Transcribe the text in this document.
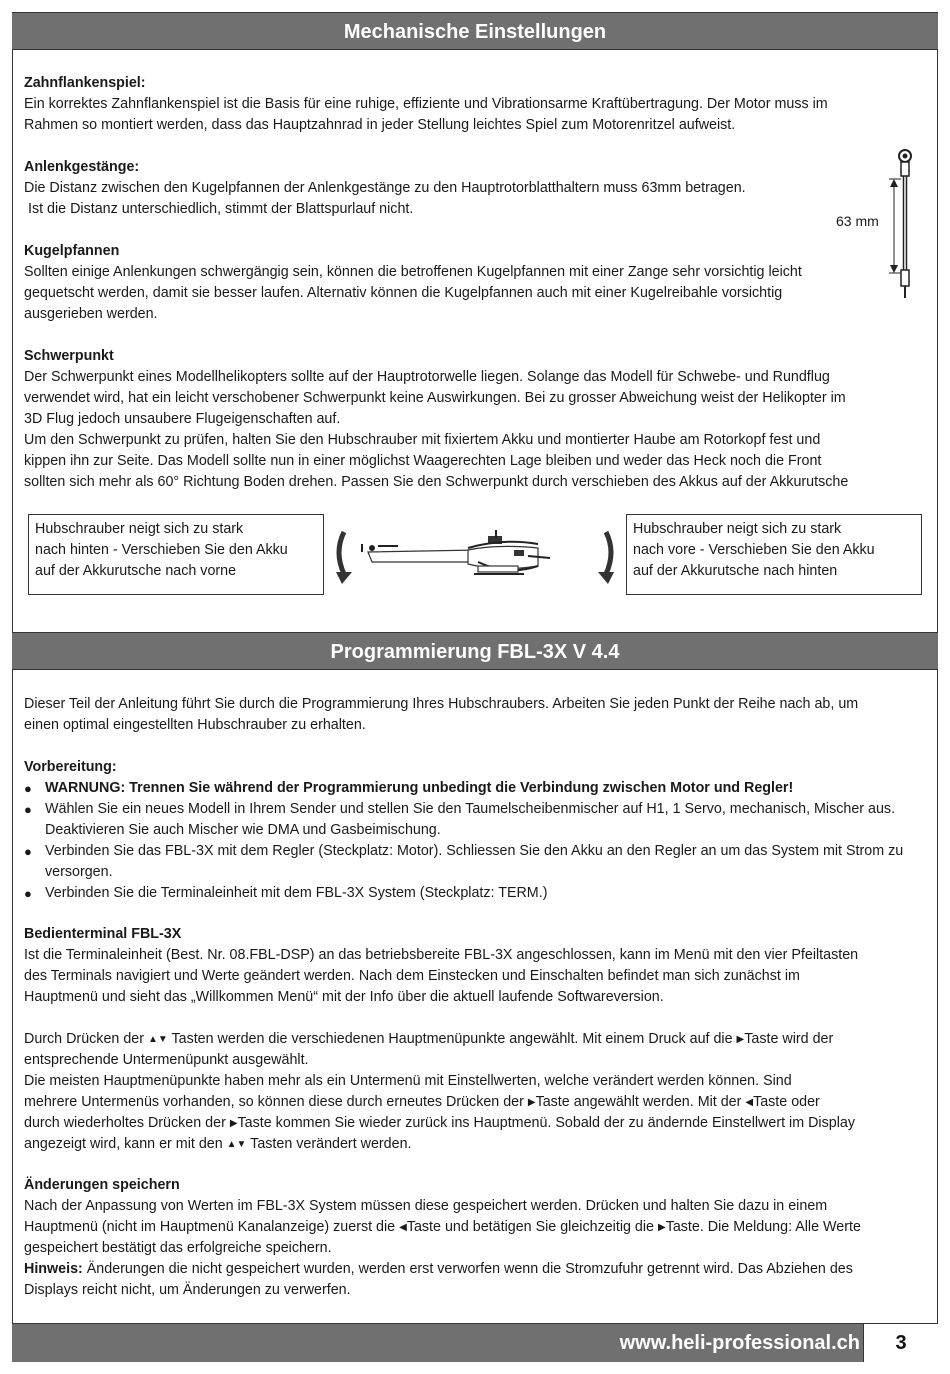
Mechanische Einstellungen

Zahnflankenspiel:

Ein korrektes Zahnflankenspiel ist die Basis für eine ruhige, effiziente und Vibrationsarme Kraftübertragung. Der Motor muss im

Rahmen so montiert werden, dass das Hauptzahnrad in jeder Stellung leichtes Spiel zum Motorenritzel aufweist.

Anlenkgestänge:

Die Distanz zwischen den Kugelpfannen der Anlenkgestänge zu den Hauptrotorblatthaltern muss 63mm betragen.

Ist die Distanz unterschiedlich, stimmt der Blattspurlauf nicht.

63 mm

Kugelpfannen

Sollten einige Anlenkungen schwergängig sein, können die betroffenen Kugelpfannen mit einer Zange sehr vorsichtig leicht

gequetscht werden, damit sie besser laufen. Alternativ können die Kugelpfannen auch mit einer Kugelreibahle vorsichtig

ausgerieben werden.

Schwerpunkt

Der Schwerpunkt eines Modellhelikopters sollte auf der Hauptrotorwelle liegen. Solange das Modell für Schwebe- und Rundflug

verwendet wird, hat ein leicht verschobener Schwerpunkt keine Auswirkungen. Bei zu grosser Abweichung weist der Helikopter im

3D Flug jedoch unsaubere Flugeigenschaften auf.

Um den Schwerpunkt zu prüfen, halten Sie den Hubschrauber mit fixiertem Akku und montierter Haube am Rotorkopf fest und

kippen ihn zur Seite. Das Modell sollte nun in einer möglichst Waagerechten Lage bleiben und weder das Heck noch die Front

sollten sich mehr als 60° Richtung Boden drehen. Passen Sie den Schwerpunkt durch verschieben des Akkus auf der Akkurutsche

Hubschrauber neigt sich zu stark
nach hinten - Verschieben Sie den Akku
auf der Akkurutsche nach vorne
Hubschrauber neigt sich zu stark
nach vore - Verschieben Sie den Akku
auf der Akkurutsche nach hinten
Programmierung FBL-3X V 4.4

Dieser Teil der Anleitung führt Sie durch die Programmierung Ihres Hubschraubers. Arbeiten Sie jeden Punkt der Reihe nach ab, um

einen optimal eingestellten Hubschrauber zu erhalten.

Vorbereitung:

● WARNUNG: Trennen Sie während der Programmierung unbedingt die Verbindung zwischen Motor und Regler!
● Wählen Sie ein neues Modell in Ihrem Sender und stellen Sie den Taumelscheibenmischer auf H1, 1 Servo, mechanisch, Mischer aus. Deaktivieren Sie auch Mischer wie DMA und Gasbeimischung.
● Verbinden Sie das FBL-3X mit dem Regler (Steckplatz: Motor). Schliessen Sie den Akku an den Regler an um das System mit Strom zu versorgen.
● Verbinden Sie die Terminaleinheit mit dem FBL-3X System (Steckplatz: TERM.)

Bedienterminal FBL-3X

Ist die Terminaleinheit (Best. Nr. 08.FBL-DSP) an das betriebsbereite FBL-3X angeschlossen, kann im Menü mit den vier Pfeiltasten

des Terminals navigiert und Werte geändert werden. Nach dem Einstecken und Einschalten befindet man sich zunächst im

Hauptmenü und sieht das „Willkommen Menü“ mit der Info über die aktuell laufende Softwareversion.

Durch Drücken der ▲▼ Tasten werden die verschiedenen Hauptmenüpunkte angewählt. Mit einem Druck auf die ▶Taste wird der

entsprechende Untermenüpunkt ausgewählt.

Die meisten Hauptmenüpunkte haben mehr als ein Untermenü mit Einstellwerten, welche verändert werden können. Sind

mehrere Untermenüs vorhanden, so können diese durch erneutes Drücken der ▶Taste angewählt werden. Mit der ◀Taste oder

durch wiederholtes Drücken der ▶Taste kommen Sie wieder zurück ins Hauptmenü. Sobald der zu ändernde Einstellwert im Display

angezeigt wird, kann er mit den ▲▼ Tasten verändert werden.

Änderungen speichern

Nach der Anpassung von Werten im FBL-3X System müssen diese gespeichert werden. Drücken und halten Sie dazu in einem

Hauptmenü (nicht im Hauptmenü Kanalanzeige) zuerst die ◀Taste und betätigen Sie gleichzeitig die ▶Taste. Die Meldung: Alle Werte

gespeichert bestätigt das erfolgreiche speichern.

Hinweis: Änderungen die nicht gespeichert wurden, werden erst verworfen wenn die Stromzufuhr getrennt wird. Das Abziehen des

Displays reicht nicht, um Änderungen zu verwerfen.

www.heli-professional.ch	3
